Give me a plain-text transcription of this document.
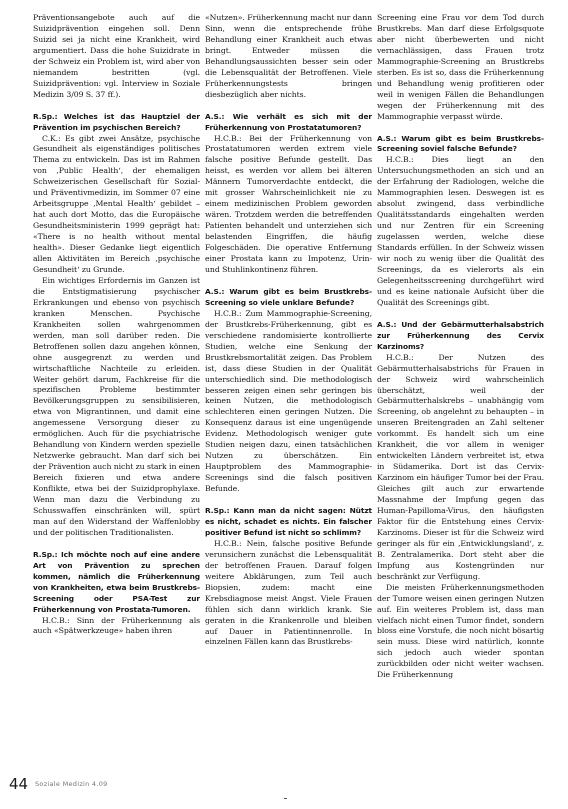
Präventionsangebote auch auf die Suizidprävention eingehen soll. Denn Suizid sei ja nicht eine Krankheit, wird argumentiert. Dass die hohe Suizidrate in der Schweiz ein Problem ist, wird aber von niemandem bestritten (vgl. Suizidprävention: vgl. Interview in Soziale Medizin 3/09 S. 37 ff.).

R.Sp.: Welches ist das Hauptziel der Prävention im psychischen Bereich?

C.K.: Es gibt zwei Ansätze, psychische Gesundheit als eigenständiges politisches Thema zu entwickeln. Das ist im Rahmen von ‚Public Health‘, der ehemaligen Schweizerischen Gesellschaft für Sozial- und Präventivmedizin, im Sommer 07 eine Arbeitsgruppe ‚Mental Health‘ gebildet – hat auch dort Motto, das die Europäische Gesundheitsministerin 1999 geprägt hat: «There is no health without mental health». Dieser Gedanke liegt eigentlich allen Aktivitäten im Bereich ‚psychische Gesundheit‘ zu Grunde.

Ein wichtiges Erfordernis im Ganzen ist die Entstigmatisierung psychischer Erkrankungen und ebenso von psychisch kranken Menschen. Psychische Krankheiten sollen wahrgenommen werden, man soll darüber reden. Die Betroffenen sollen dazu angehen können, ohne ausgegrenzt zu werden und wirtschaftliche Nachteile zu erleiden. Weiter gehört darum, Fachkreise für die spezifischen Probleme bestimmter Bevölkerungsgruppen zu sensibilisieren, etwa von Migrantinnen, und damit eine angemessene Versorgung dieser zu ermöglichen. Auch für die psychiatrische Behandlung von Kindern werden spezielle Netzwerke gebraucht. Man darf sich bei der Prävention auch nicht zu stark in einen Bereich fixieren und etwa andere Konflikte, etwa bei der Suizidprophylaxe. Wenn man dazu die Verbindung zu Schusswaffen einschränken will, spürt man auf den Widerstand der Waffenlobby und der politischen Traditionalisten.

R.Sp.: Ich möchte noch auf eine andere Art von Prävention zu sprechen kommen, nämlich die Früherkennung von Krankheiten, etwa beim Brustkrebs-Screening oder PSA-Test zur Früherkennung von Prostata-Tumoren.

H.C.B.: Sinn der Früherkennung als auch «Spätwerkzeuge» haben ihren

«Nutzen». Früherkennung macht nur dann Sinn, wenn die entsprechende frühe Behandlung einer Krankheit auch etwas bringt. Entweder müssen die Behandlungsaussichten besser sein oder die Lebensqualität der Betroffenen. Viele Früherkennungstests bringen diesbezüglich aber nichts.

A.S.: Wie verhält es sich mit der Früherkennung von Prostatatumoren?

H.C.B.: Bei der Früherkennung von Prostatatumoren werden extrem viele falsche positive Befunde gestellt. Das heisst, es werden vor allem bei älteren Männern Tumorverdachte entdeckt, die mit grosser Wahrscheinlichkeit nie zu einem medizinischen Problem geworden wären. Trotzdem werden die betreffenden Patienten behandelt und unterziehen sich belastenden Eingriffen, die häufig Folgeschäden. Die operative Entfernung einer Prostata kann zu Impotenz, Urin- und Stuhlinkontinenz führen.

A.S.: Warum gibt es beim Brustkrebs-Screening so viele unklare Befunde?

H.C.B.: Zum Mammographie-Screening, der Brustkrebs-Früherkennung, gibt es verschiedene randomisierte kontrollierte Studien, welche eine Senkung der Brustkrebsmortalität zeigen. Das Problem ist, dass diese Studien in der Qualität unterschiedlich sind. Die methodologisch besseren zeigen einen sehr geringen bis keinen Nutzen, die methodologisch schlechteren einen geringen Nutzen. Die Konsequenz daraus ist eine ungenügende Evidenz. Methodologisch weniger gute Studien neigen dazu, einen tatsächlichen Nutzen zu überschätzen. Ein Hauptproblem des Mammographie-Screenings sind die falsch positiven Befunde.

R.Sp.: Kann man da nicht sagen: Nützt es nicht, schadet es nichts. Ein falscher positiver Befund ist nicht so schlimm?

H.C.B.: Nein, falsche positive Befunde verunsichern zunächst die Lebensqualität der betroffenen Frauen. Darauf folgen weitere Abklärungen, zum Teil auch Biopsien, zudem: macht eine Krebsdiagnose meist Angst. Viele Frauen fühlen sich dann wirklich krank. Sie geraten in die Krankenrolle und bleiben auf Dauer in Patientinnenrolle. In einzelnen Fällen kann das Brustkrebs-

Screening eine Frau vor dem Tod durch Brustkrebs. Man darf diese Erfolgsquote aber nicht überbewerten und nicht vernachlässigen, dass Frauen trotz Mammographie-Screening an Brustkrebs sterben. Es ist so, dass die Früherkennung und Behandlung wenig profitieren oder weil in wenigen Fällen die Behandlungen wegen der Früherkennung mit des Mammographie verpasst würde.

A.S.: Warum gibt es beim Brustkrebs-Screening soviel falsche Befunde?

H.C.B.: Dies liegt an den Untersuchungsmethoden an sich und an der Erfahrung der Radiologen, welche die Mammographien lesen. Deswegen ist es absolut zwingend, dass verbindliche Qualitätsstandards eingehalten werden und nur Zentren für ein Screening zugelassen werden, welche diese Standards erfüllen. In der Schweiz wissen wir noch zu wenig über die Qualität des Screenings, da es vielerorts als ein Gelegenheitsscreening durchgeführt wird und es keine nationale Aufsicht über die Qualität des Screenings gibt.

A.S.: Und der Gebärmutterhalsabstrich zur Früherkennung des Cervix Karzinoms?

H.C.B.: Der Nutzen des Gebärmutterhalsabstrichs für Frauen in der Schweiz wird wahrscheinlich überschätzt, weil der Gebärmutterhalskrebs – unabhängig vom Screening, ob angelehnt zu behaupten – in unseren Breitengraden an Zahl seltener vorkommt. Es handelt sich um eine Krankheit, die vor allem in weniger entwickelten Ländern verbreitet ist, etwa in Südamerika. Dort ist das Cervix-Karzinom ein häufiger Tumor bei der Frau. Gleiches gilt auch zur erwartende Massnahme der Impfung gegen das Human-Papilloma-Virus, den häufigsten Faktor für die Entstehung eines Cervix-Karzinoms. Dieser ist für die Schweiz wird geringer als für ein ‚Entwicklungsland‘, z. B. Zentralamerika. Dort steht aber die Impfung aus Kostengründen nur beschränkt zur Verfügung.

Die meisten Früherkennungsmethoden der Tumore weisen einen geringen Nutzen auf. Ein weiteres Problem ist, dass man vielfach nicht einen Tumor findet, sondern bloss eine Vorstufe, die noch nicht bösartig sein muss. Diese wird natürlich, konnte sich jedoch auch wieder spontan zurückbilden oder nicht weiter wachsen. Die Früherkennung

44 Soziale Medizin 4.09
